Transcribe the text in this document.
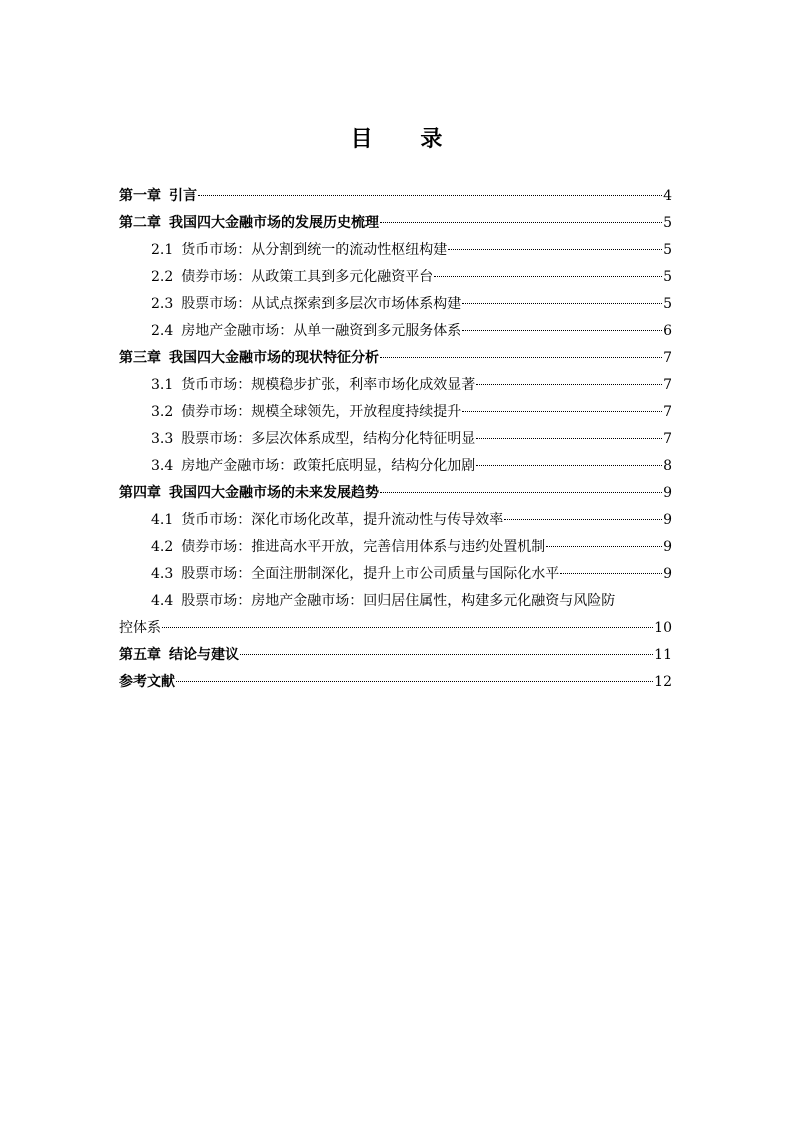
目 录
第一章 引言	4
第二章 我国四大金融市场的发展历史梳理	5
2.1 货币市场：从分割到统一的流动性枢纽构建	5
2.2 债券市场：从政策工具到多元化融资平台	5
2.3 股票市场：从试点探索到多层次市场体系构建	5
2.4 房地产金融市场：从单一融资到多元服务体系	6
第三章 我国四大金融市场的现状特征分析	7
3.1 货币市场：规模稳步扩张，利率市场化成效显著	7
3.2 债券市场：规模全球领先，开放程度持续提升	7
3.3 股票市场：多层次体系成型，结构分化特征明显	7
3.4 房地产金融市场：政策托底明显，结构分化加剧	8
第四章 我国四大金融市场的未来发展趋势	9
4.1 货币市场：深化市场化改革，提升流动性与传导效率	9
4.2 债券市场：推进高水平开放，完善信用体系与违约处置机制	9
4.3 股票市场：全面注册制深化，提升上市公司质量与国际化水平	9
4.4 股票市场：房地产金融市场：回归居住属性，构建多元化融资与风险防
控体系	10
第五章 结论与建议	11
参考文献	12
